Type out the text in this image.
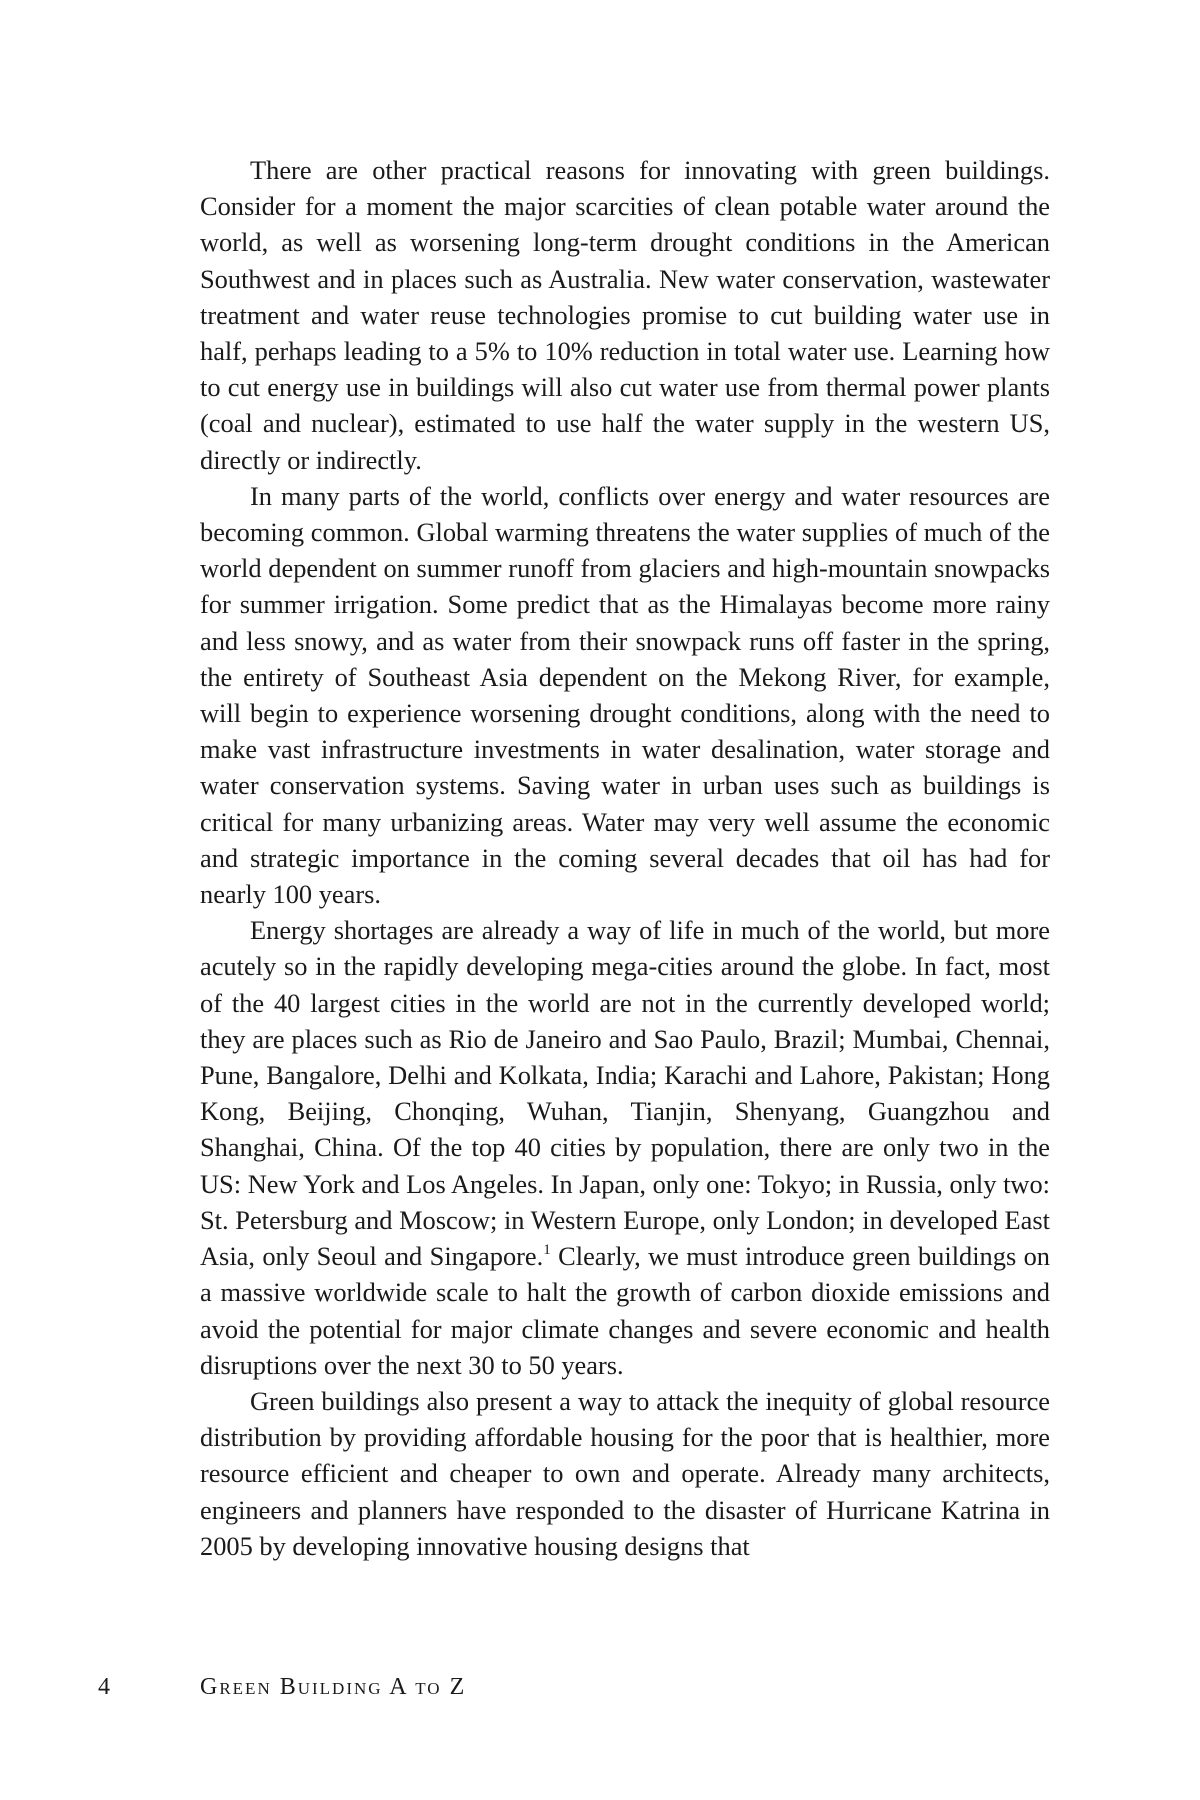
There are other practical reasons for innovating with green buildings. Consider for a moment the major scarcities of clean potable water around the world, as well as worsening long-term drought conditions in the American Southwest and in places such as Australia. New water conservation, wastewater treatment and water reuse technologies promise to cut building water use in half, perhaps leading to a 5% to 10% reduction in total water use. Learning how to cut energy use in buildings will also cut water use from thermal power plants (coal and nuclear), estimated to use half the water supply in the western US, directly or indirectly.

In many parts of the world, conflicts over energy and water resources are becoming common. Global warming threatens the water supplies of much of the world dependent on summer runoff from glaciers and high-mountain snowpacks for summer irrigation. Some predict that as the Himalayas become more rainy and less snowy, and as water from their snowpack runs off faster in the spring, the entirety of Southeast Asia dependent on the Mekong River, for example, will begin to experience worsening drought conditions, along with the need to make vast infrastructure investments in water desalination, water storage and water conservation systems. Saving water in urban uses such as buildings is critical for many urbanizing areas. Water may very well assume the economic and strategic importance in the coming several decades that oil has had for nearly 100 years.

Energy shortages are already a way of life in much of the world, but more acutely so in the rapidly developing mega-cities around the globe. In fact, most of the 40 largest cities in the world are not in the currently developed world; they are places such as Rio de Janeiro and Sao Paulo, Brazil; Mumbai, Chennai, Pune, Bangalore, Delhi and Kolkata, India; Karachi and Lahore, Pakistan; Hong Kong, Beijing, Chonqing, Wuhan, Tianjin, Shenyang, Guangzhou and Shanghai, China. Of the top 40 cities by population, there are only two in the US: New York and Los Angeles. In Japan, only one: Tokyo; in Russia, only two: St. Petersburg and Moscow; in Western Europe, only London; in developed East Asia, only Seoul and Singapore.$^1$ Clearly, we must introduce green buildings on a massive worldwide scale to halt the growth of carbon dioxide emissions and avoid the potential for major climate changes and severe economic and health disruptions over the next 30 to 50 years.

Green buildings also present a way to attack the inequity of global resource distribution by providing affordable housing for the poor that is healthier, more resource efficient and cheaper to own and operate. Already many architects, engineers and planners have responded to the disaster of Hurricane Katrina in 2005 by developing innovative housing designs that

4	Green Building A to Z
